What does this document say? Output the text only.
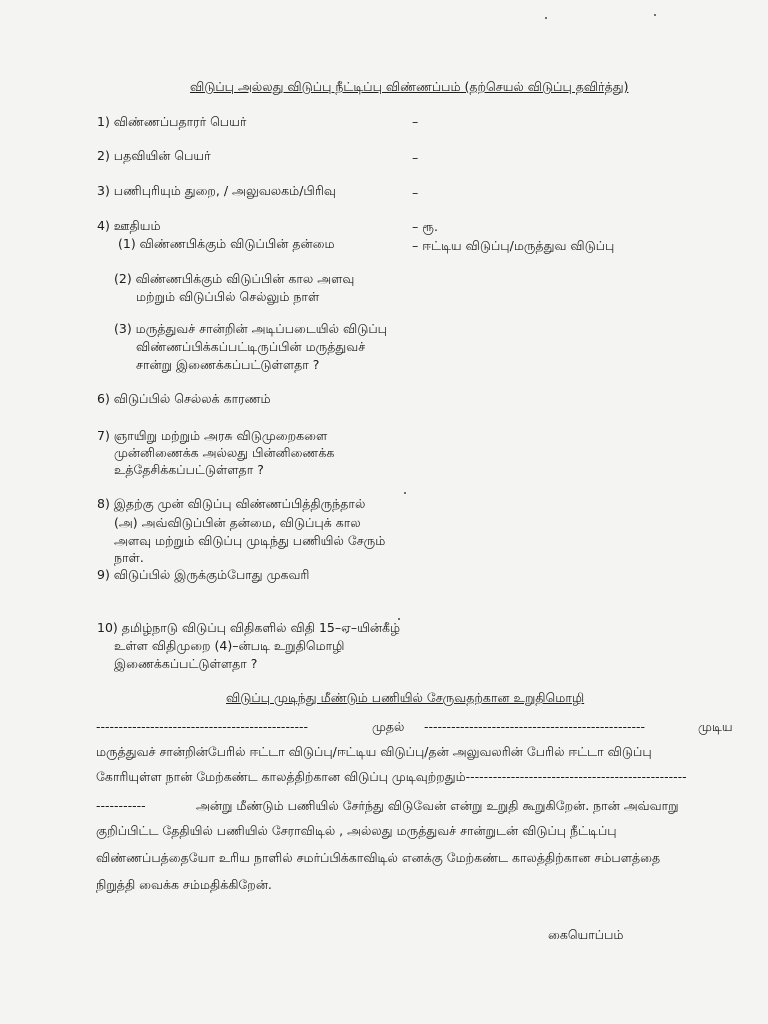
விடுப்பு அல்லது விடுப்பு நீட்டிப்பு விண்ணப்பம் (தற்செயல் விடுப்பு தவிர்த்து)
1) விண்ணப்பதாரர் பெயர்	–
2) பதவியின் பெயர்	–
3) பணிபுரியும் துறை, / அலுவலகம்/பிரிவு	–
4) ஊதியம்	– ரூ.
(1) விண்ணபிக்கும் விடுப்பின் தன்மை	– ஈட்டிய விடுப்பு/மருத்துவ விடுப்பு
(2) விண்ணபிக்கும் விடுப்பின் கால அளவு
மற்றும் விடுப்பில் செல்லும் நாள்
(3) மருத்துவச் சான்றின் அடிப்படையில் விடுப்பு
விண்ணப்பிக்கப்பட்டிருப்பின் மருத்துவச்
சான்று இணைக்கப்பட்டுள்ளதா ?
6) விடுப்பில் செல்லக் காரணம்
7) ஞாயிறு மற்றும் அரசு விடுமுறைகளை
முன்னிணைக்க அல்லது பின்னிணைக்க
உத்தேசிக்கப்பட்டுள்ளதா ?
8) இதற்கு முன் விடுப்பு விண்ணப்பித்திருந்தால்
(அ) அவ்விடுப்பின் தன்மை, விடுப்புக் கால
அளவு மற்றும் விடுப்பு முடிந்து பணியில் சேரும்
நாள்.
9) விடுப்பில் இருக்கும்போது முகவரி
10) தமிழ்நாடு விடுப்பு விதிகளில் விதி 15–ஏ–யின்கீழ்
உள்ள விதிமுறை (4)–ன்படி உறுதிமொழி
இணைக்கப்பட்டுள்ளதா ?
விடுப்பு முடிந்து மீண்டும் பணியில் சேருவதற்கான உறுதிமொழி
-----------------------------------------------	முதல் -------------------------------------------------	முடிய
மருத்துவச் சான்றின்பேரில் ஈட்டா விடுப்பு/ஈட்டிய விடுப்பு/தன் அலுவலரின் பேரில் ஈட்டா விடுப்பு
கோரியுள்ள நான் மேற்கண்ட காலத்திற்கான விடுப்பு முடிவுற்றதும்-------------------------------------------------
-----------	அன்று மீண்டும் பணியில் சேர்ந்து விடுவேன் என்று உறுதி கூறுகிறேன். நான் அவ்வாறு
குறிப்பிட்ட தேதியில் பணியில் சேராவிடில் , அல்லது மருத்துவச் சான்றுடன் விடுப்பு நீட்டிப்பு
விண்ணப்பத்தையோ உரிய நாளில் சமர்ப்பிக்காவிடில் எனக்கு மேற்கண்ட காலத்திற்கான சம்பளத்தை
நிறுத்தி வைக்க சம்மதிக்கிறேன்.
கையொப்பம்
